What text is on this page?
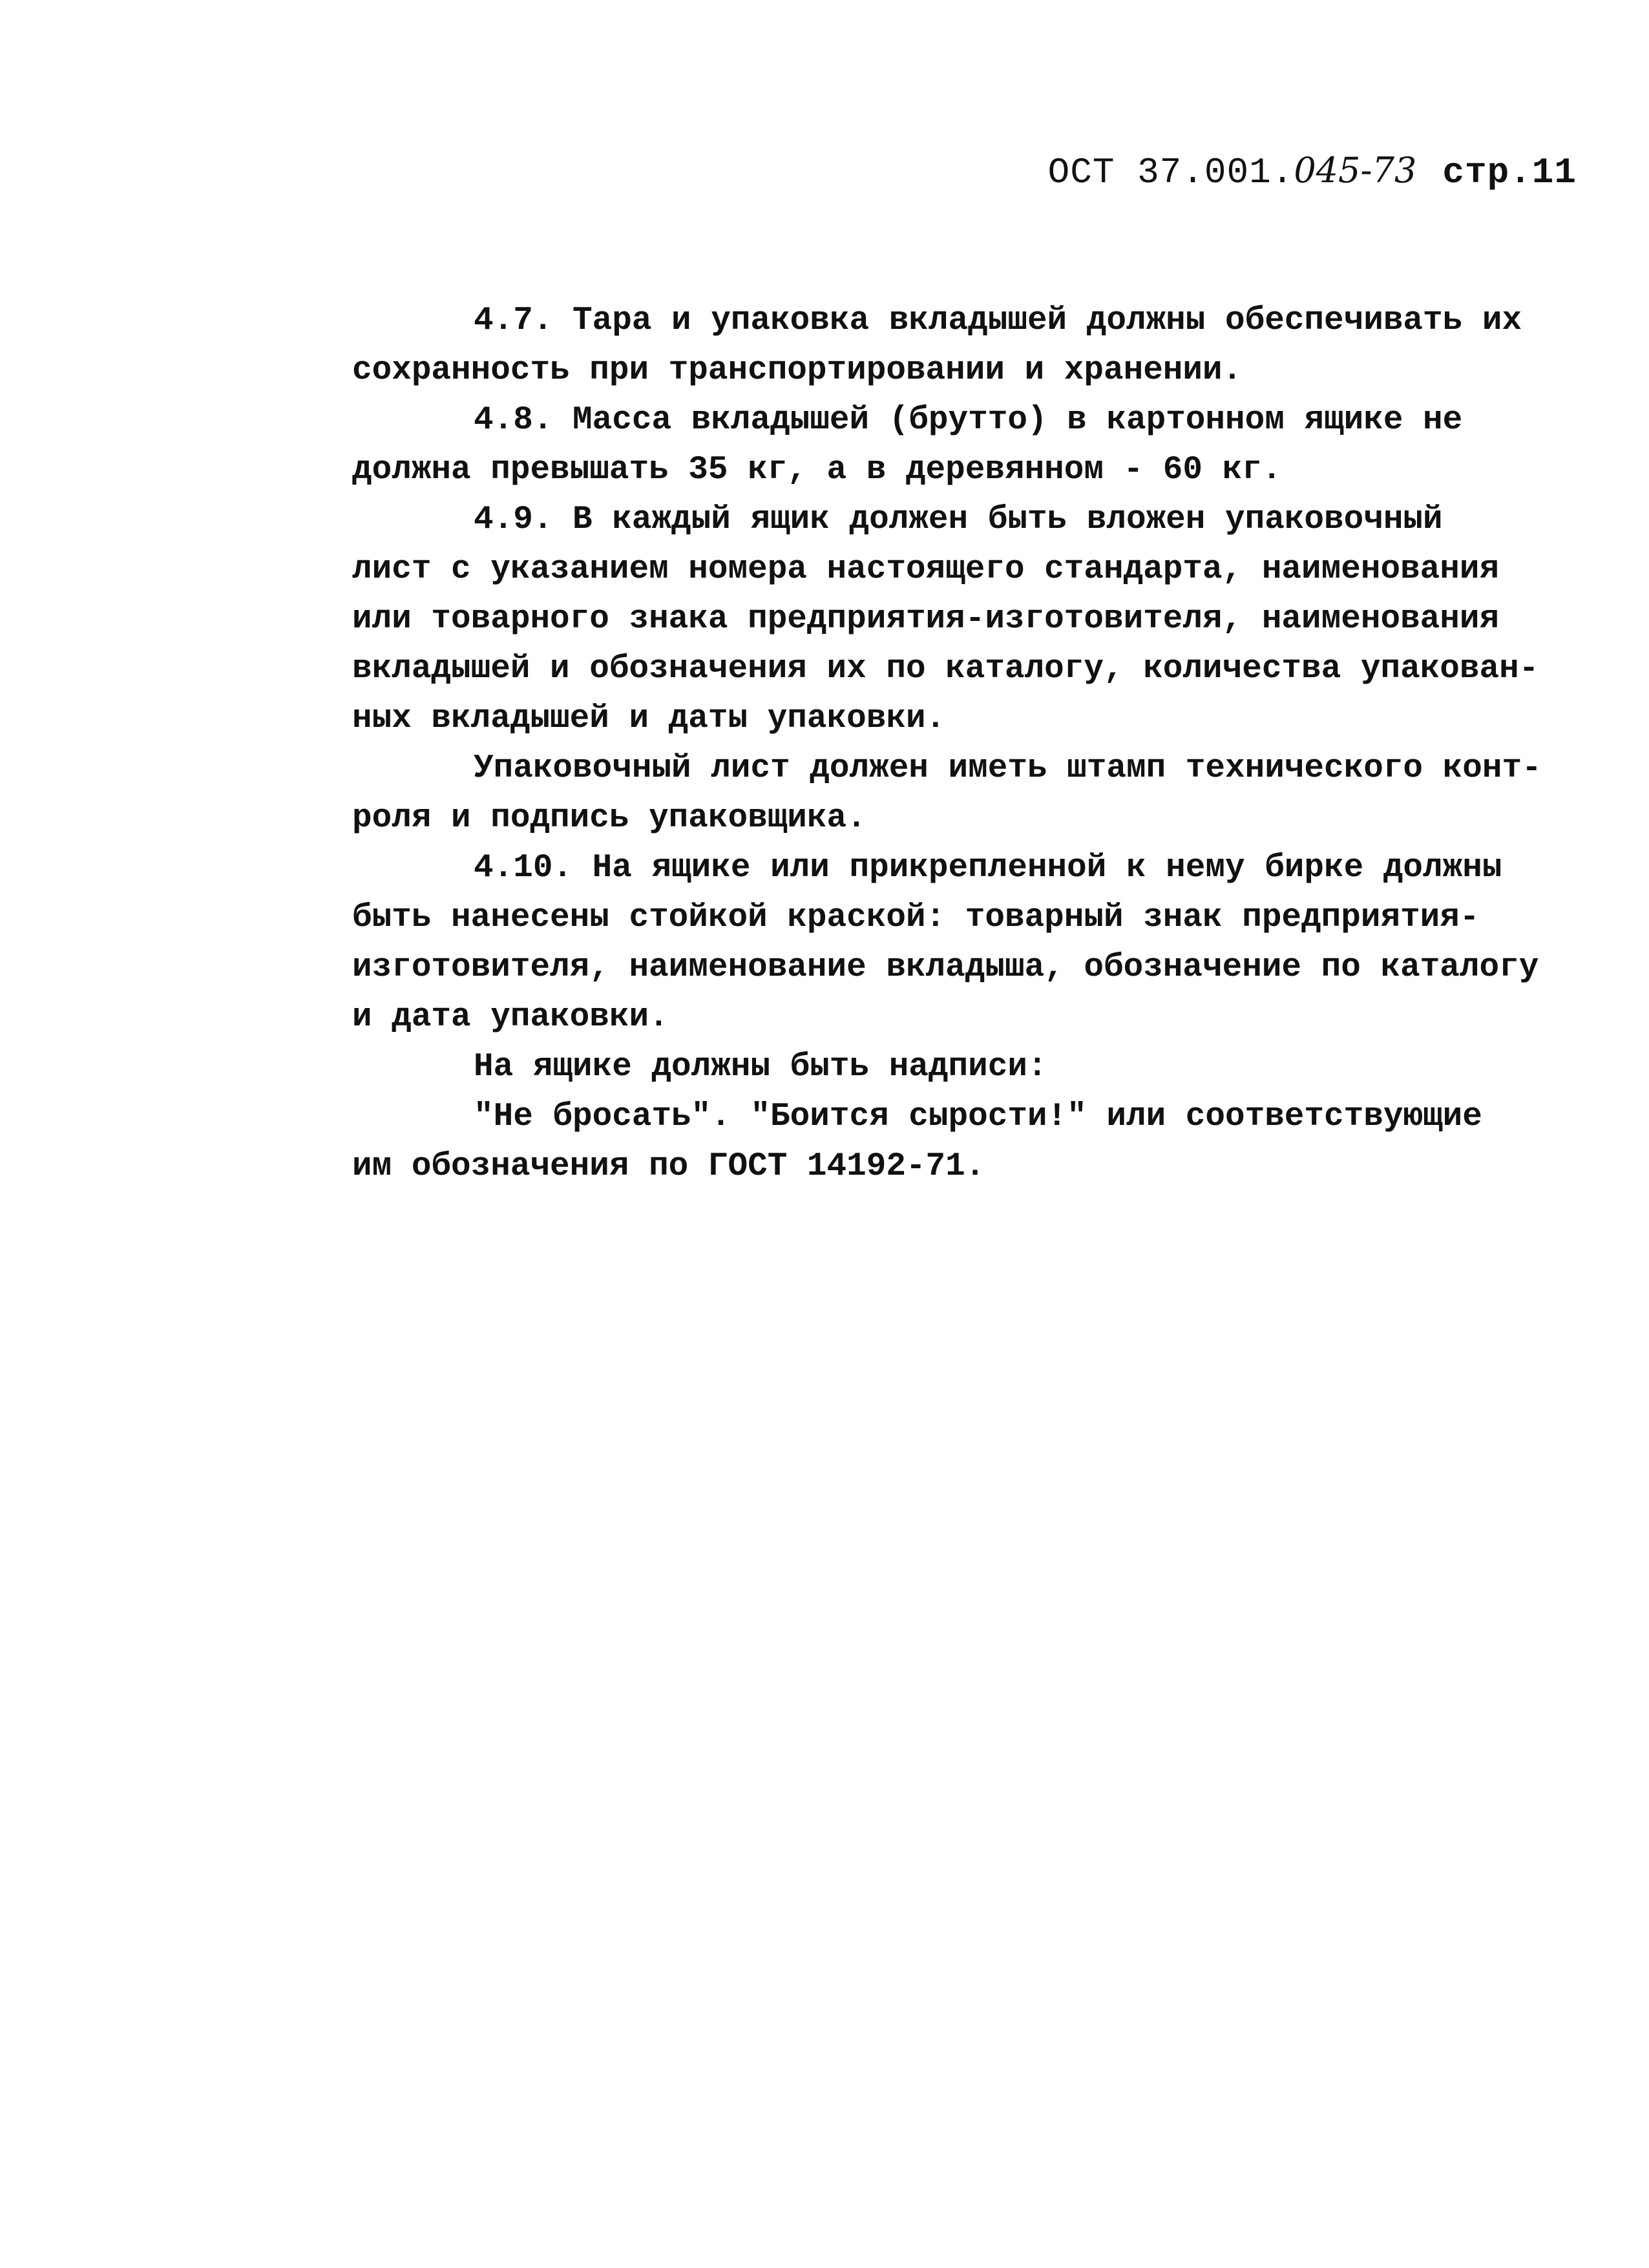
ОСТ 37.001.045-73 стр.11
4.7. Тара и упаковка вкладышей должны обеспечивать их
сохранность при транспортировании и хранении.
4.8. Масса вкладышей (брутто) в картонном ящике не
должна превышать 35 кг, а в деревянном - 60 кг.
4.9. В каждый ящик должен быть вложен упаковочный
лист с указанием номера настоящего стандарта, наименования
или товарного знака предприятия-изготовителя, наименования
вкладышей и обозначения их по каталогу, количества упакован-
ных вкладышей и даты упаковки.
Упаковочный лист должен иметь штамп технического конт-
роля и подпись упаковщика.
4.10. На ящике или прикрепленной к нему бирке должны
быть нанесены стойкой краской: товарный знак предприятия-
изготовителя, наименование вкладыша, обозначение по каталогу
и дата упаковки.
На ящике должны быть надписи:
"Не бросать". "Боится сырости!" или соответствующие
им обозначения по ГОСТ 14192-71.
